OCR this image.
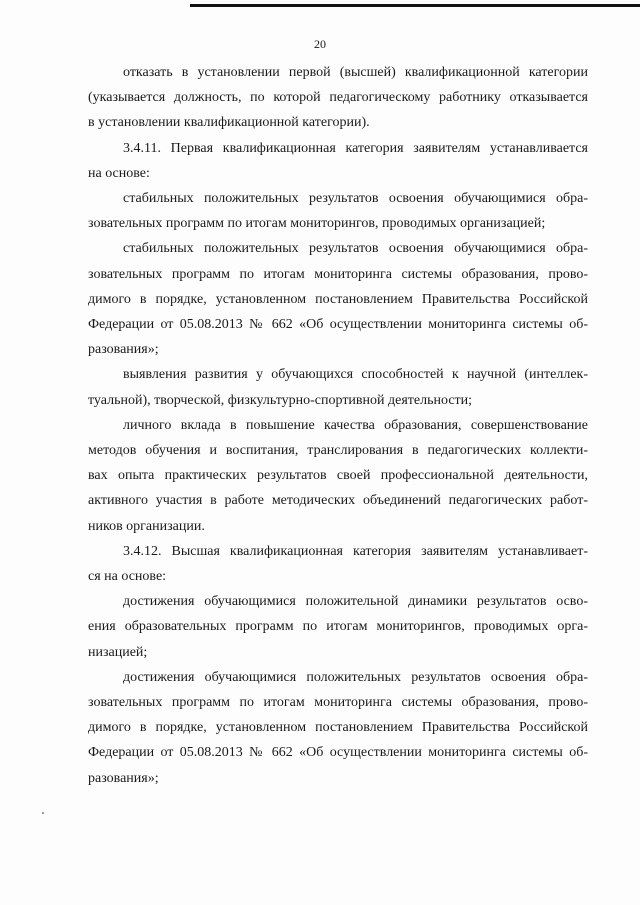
20
отказать в установлении первой (высшей) квалификационной категории
(указывается должность, по которой педагогическому работнику отказывается
в установлении квалификационной категории).
3.4.11. Первая квалификационная категория заявителям устанавливается
на основе:
стабильных положительных результатов освоения обучающимися обра-
зовательных программ по итогам мониторингов, проводимых организацией;
стабильных положительных результатов освоения обучающимися обра-
зовательных программ по итогам мониторинга системы образования, прово-
димого в порядке, установленном постановлением Правительства Российской
Федерации от 05.08.2013 № 662 «Об осуществлении мониторинга системы об-
разования»;
выявления развития у обучающихся способностей к научной (интеллек-
туальной), творческой, физкультурно-спортивной деятельности;
личного вклада в повышение качества образования, совершенствование
методов обучения и воспитания, транслирования в педагогических коллекти-
вах опыта практических результатов своей профессиональной деятельности,
активного участия в работе методических объединений педагогических работ-
ников организации.
3.4.12. Высшая квалификационная категория заявителям устанавливает-
ся на основе:
достижения обучающимися положительной динамики результатов осво-
ения образовательных программ по итогам мониторингов, проводимых орга-
низацией;
достижения обучающимися положительных результатов освоения обра-
зовательных программ по итогам мониторинга системы образования, прово-
димого в порядке, установленном постановлением Правительства Российской
Федерации от 05.08.2013 № 662 «Об осуществлении мониторинга системы об-
разования»;
